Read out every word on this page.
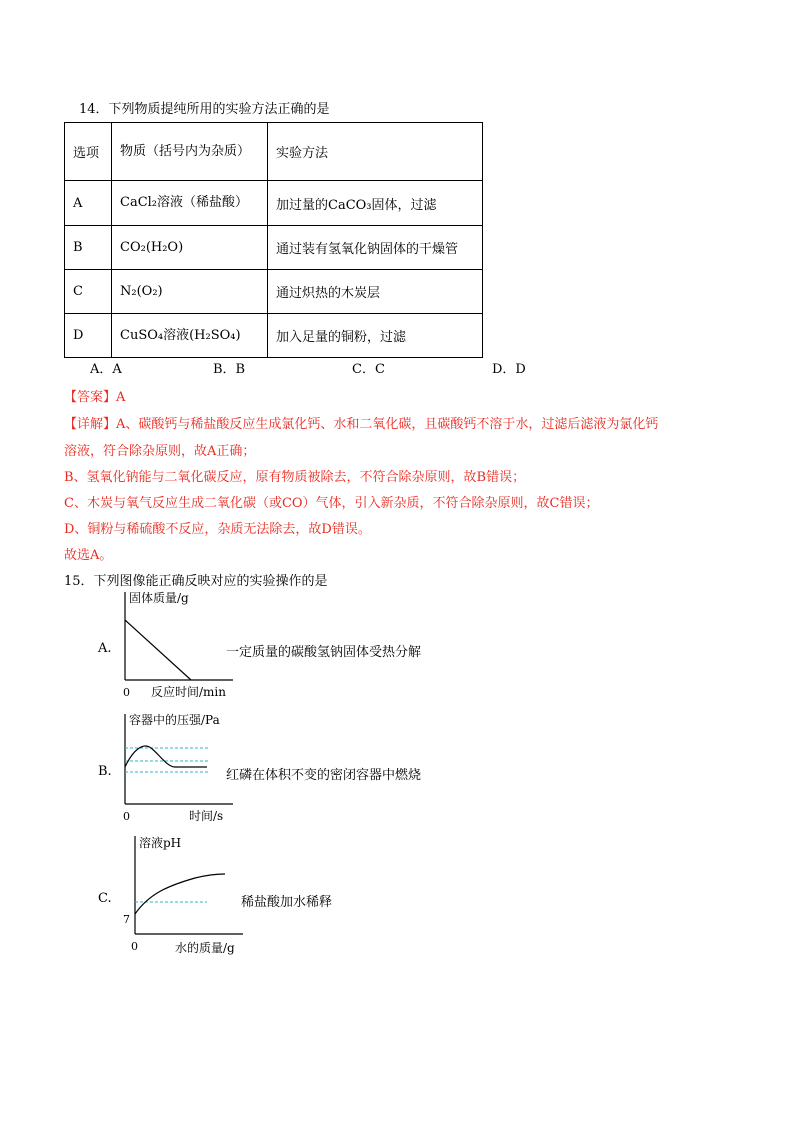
14．下列物质提纯所用的实验方法正确的是
选项	物质（括号内为杂质）	实验方法
A	CaCl₂溶液（稀盐酸）	加过量的CaCO₃固体，过滤
B	CO₂(H₂O)	通过装有氢氧化钠固体的干燥管
C	N₂(O₂)	通过炽热的木炭层
D	CuSO₄溶液(H₂SO₄)	加入足量的铜粉，过滤
A．A	B．B	C．C	D．D
【答案】A
【详解】A、碳酸钙与稀盐酸反应生成氯化钙、水和二氧化碳，且碳酸钙不溶于水，过滤后滤液为氯化钙
溶液，符合除杂原则，故A正确；
B、氢氧化钠能与二氧化碳反应，原有物质被除去，不符合除杂原则，故B错误；
C、木炭与氧气反应生成二氧化碳（或CO）气体，引入新杂质，不符合除杂原则，故C错误；
D、铜粉与稀硫酸不反应，杂质无法除去，故D错误。
故选A。
15．下列图像能正确反映对应的实验操作的是
A.
固体质量/g
0 反应时间/min
一定质量的碳酸氢钠固体受热分解
B.
容器中的压强/Pa
0	时间/s
红磷在体积不变的密闭容器中燃烧
C.
溶液pH
7
0	水的质量/g
稀盐酸加水稀释
